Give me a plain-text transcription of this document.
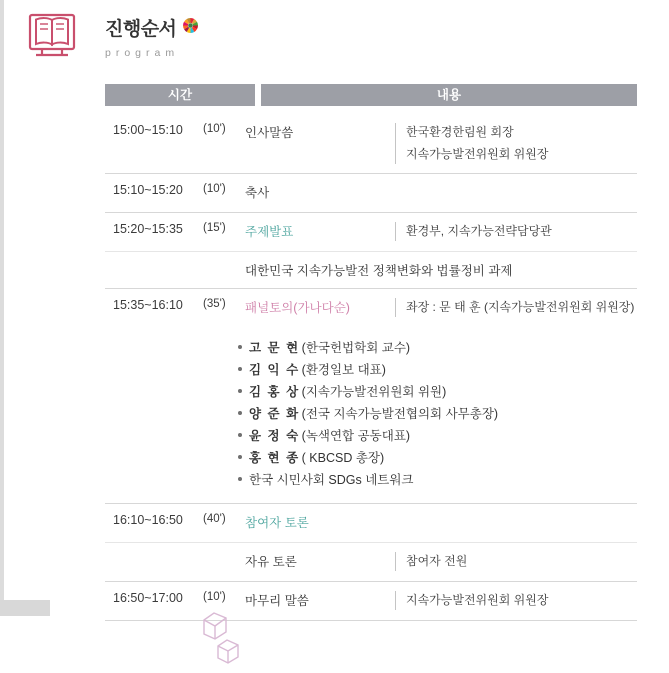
진행순서
program
시간	내용
15:00~15:10	(10')	인사말씀	한국환경한림원 회장
지속가능발전위원회 위원장
15:10~15:20	(10')	축사
15:20~15:35	(15')	주제발표	환경부, 지속가능전략담당관
대한민국 지속가능발전 정책변화와 법률정비 과제
15:35~16:10	(35')	패널토의(가나다순)	좌장 : 문 태 훈 (지속가능발전위원회 위원장)
고 문 현 (한국헌법학회 교수)
김 익 수 (환경일보 대표)
김 홍 상 (지속가능발전위원회 위원)
양 준 화 (전국 지속가능발전협의회 사무총장)
윤 정 숙 (녹색연합 공동대표)
홍 현 종 ( KBCSD 총장)
한국 시민사회 SDGs 네트워크
16:10~16:50	(40')	참여자 토론
자유 토론	참여자 전원
16:50~17:00	(10')	마무리 말씀	지속가능발전위원회 위원장
